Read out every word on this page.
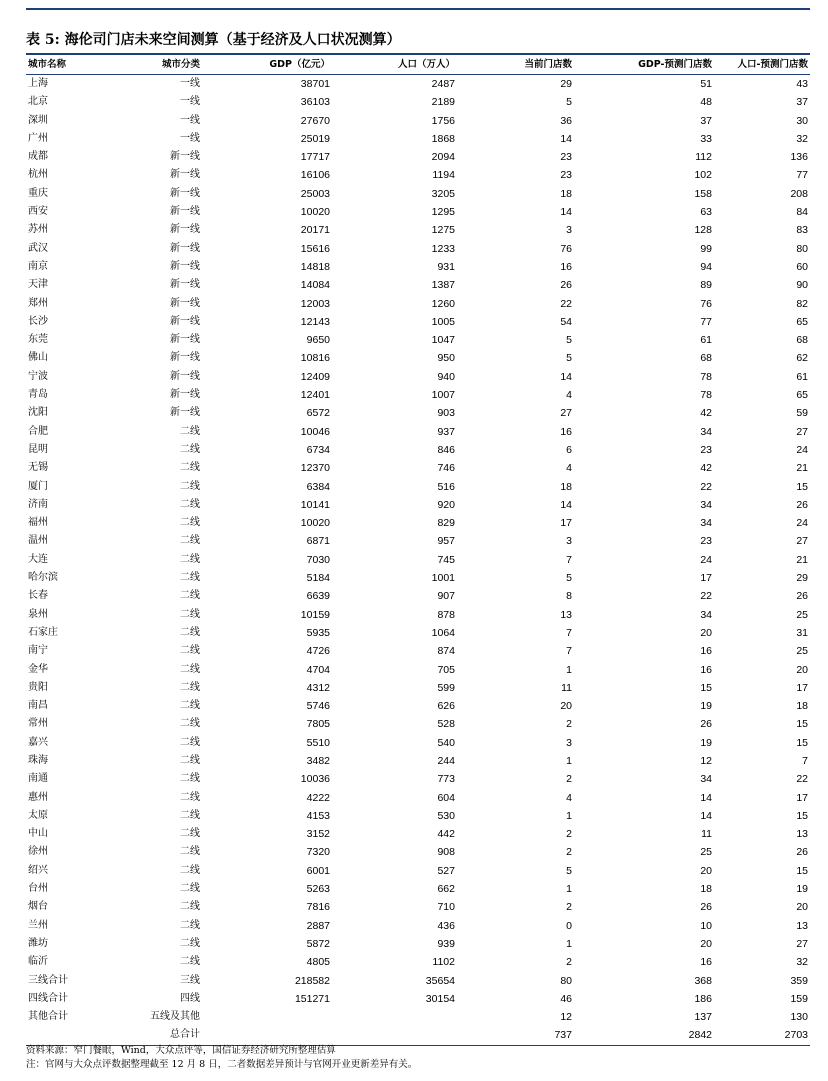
表 5: 海伦司门店未来空间测算（基于经济及人口状况测算）
城市名称	城市分类	GDP（亿元）	人口（万人）	当前门店数	GDP-预测门店数	人口-预测门店数
上海	一线	38701	2487	29	51	43
北京	一线	36103	2189	5	48	37
深圳	一线	27670	1756	36	37	30
广州	一线	25019	1868	14	33	32
成都	新一线	17717	2094	23	112	136
杭州	新一线	16106	1194	23	102	77
重庆	新一线	25003	3205	18	158	208
西安	新一线	10020	1295	14	63	84
苏州	新一线	20171	1275	3	128	83
武汉	新一线	15616	1233	76	99	80
南京	新一线	14818	931	16	94	60
天津	新一线	14084	1387	26	89	90
郑州	新一线	12003	1260	22	76	82
长沙	新一线	12143	1005	54	77	65
东莞	新一线	9650	1047	5	61	68
佛山	新一线	10816	950	5	68	62
宁波	新一线	12409	940	14	78	61
青岛	新一线	12401	1007	4	78	65
沈阳	新一线	6572	903	27	42	59
合肥	二线	10046	937	16	34	27
昆明	二线	6734	846	6	23	24
无锡	二线	12370	746	4	42	21
厦门	二线	6384	516	18	22	15
济南	二线	10141	920	14	34	26
福州	二线	10020	829	17	34	24
温州	二线	6871	957	3	23	27
大连	二线	7030	745	7	24	21
哈尔滨	二线	5184	1001	5	17	29
长春	二线	6639	907	8	22	26
泉州	二线	10159	878	13	34	25
石家庄	二线	5935	1064	7	20	31
南宁	二线	4726	874	7	16	25
金华	二线	4704	705	1	16	20
贵阳	二线	4312	599	11	15	17
南昌	二线	5746	626	20	19	18
常州	二线	7805	528	2	26	15
嘉兴	二线	5510	540	3	19	15
珠海	二线	3482	244	1	12	7
南通	二线	10036	773	2	34	22
惠州	二线	4222	604	4	14	17
太原	二线	4153	530	1	14	15
中山	二线	3152	442	2	11	13
徐州	二线	7320	908	2	25	26
绍兴	二线	6001	527	5	20	15
台州	二线	5263	662	1	18	19
烟台	二线	7816	710	2	26	20
兰州	二线	2887	436	0	10	13
潍坊	二线	5872	939	1	20	27
临沂	二线	4805	1102	2	16	32
三线合计	三线	218582	35654	80	368	359
四线合计	四线	151271	30154	46	186	159
其他合计	五线及其他			12	137	130
	总合计			737	2842	2703
资料来源：窄门餐眼，Wind，大众点评等，国信证券经济研究所整理估算
注：官网与大众点评数据整理截至 12 月 8 日，二者数据差异预计与官网开业更新差异有关。
